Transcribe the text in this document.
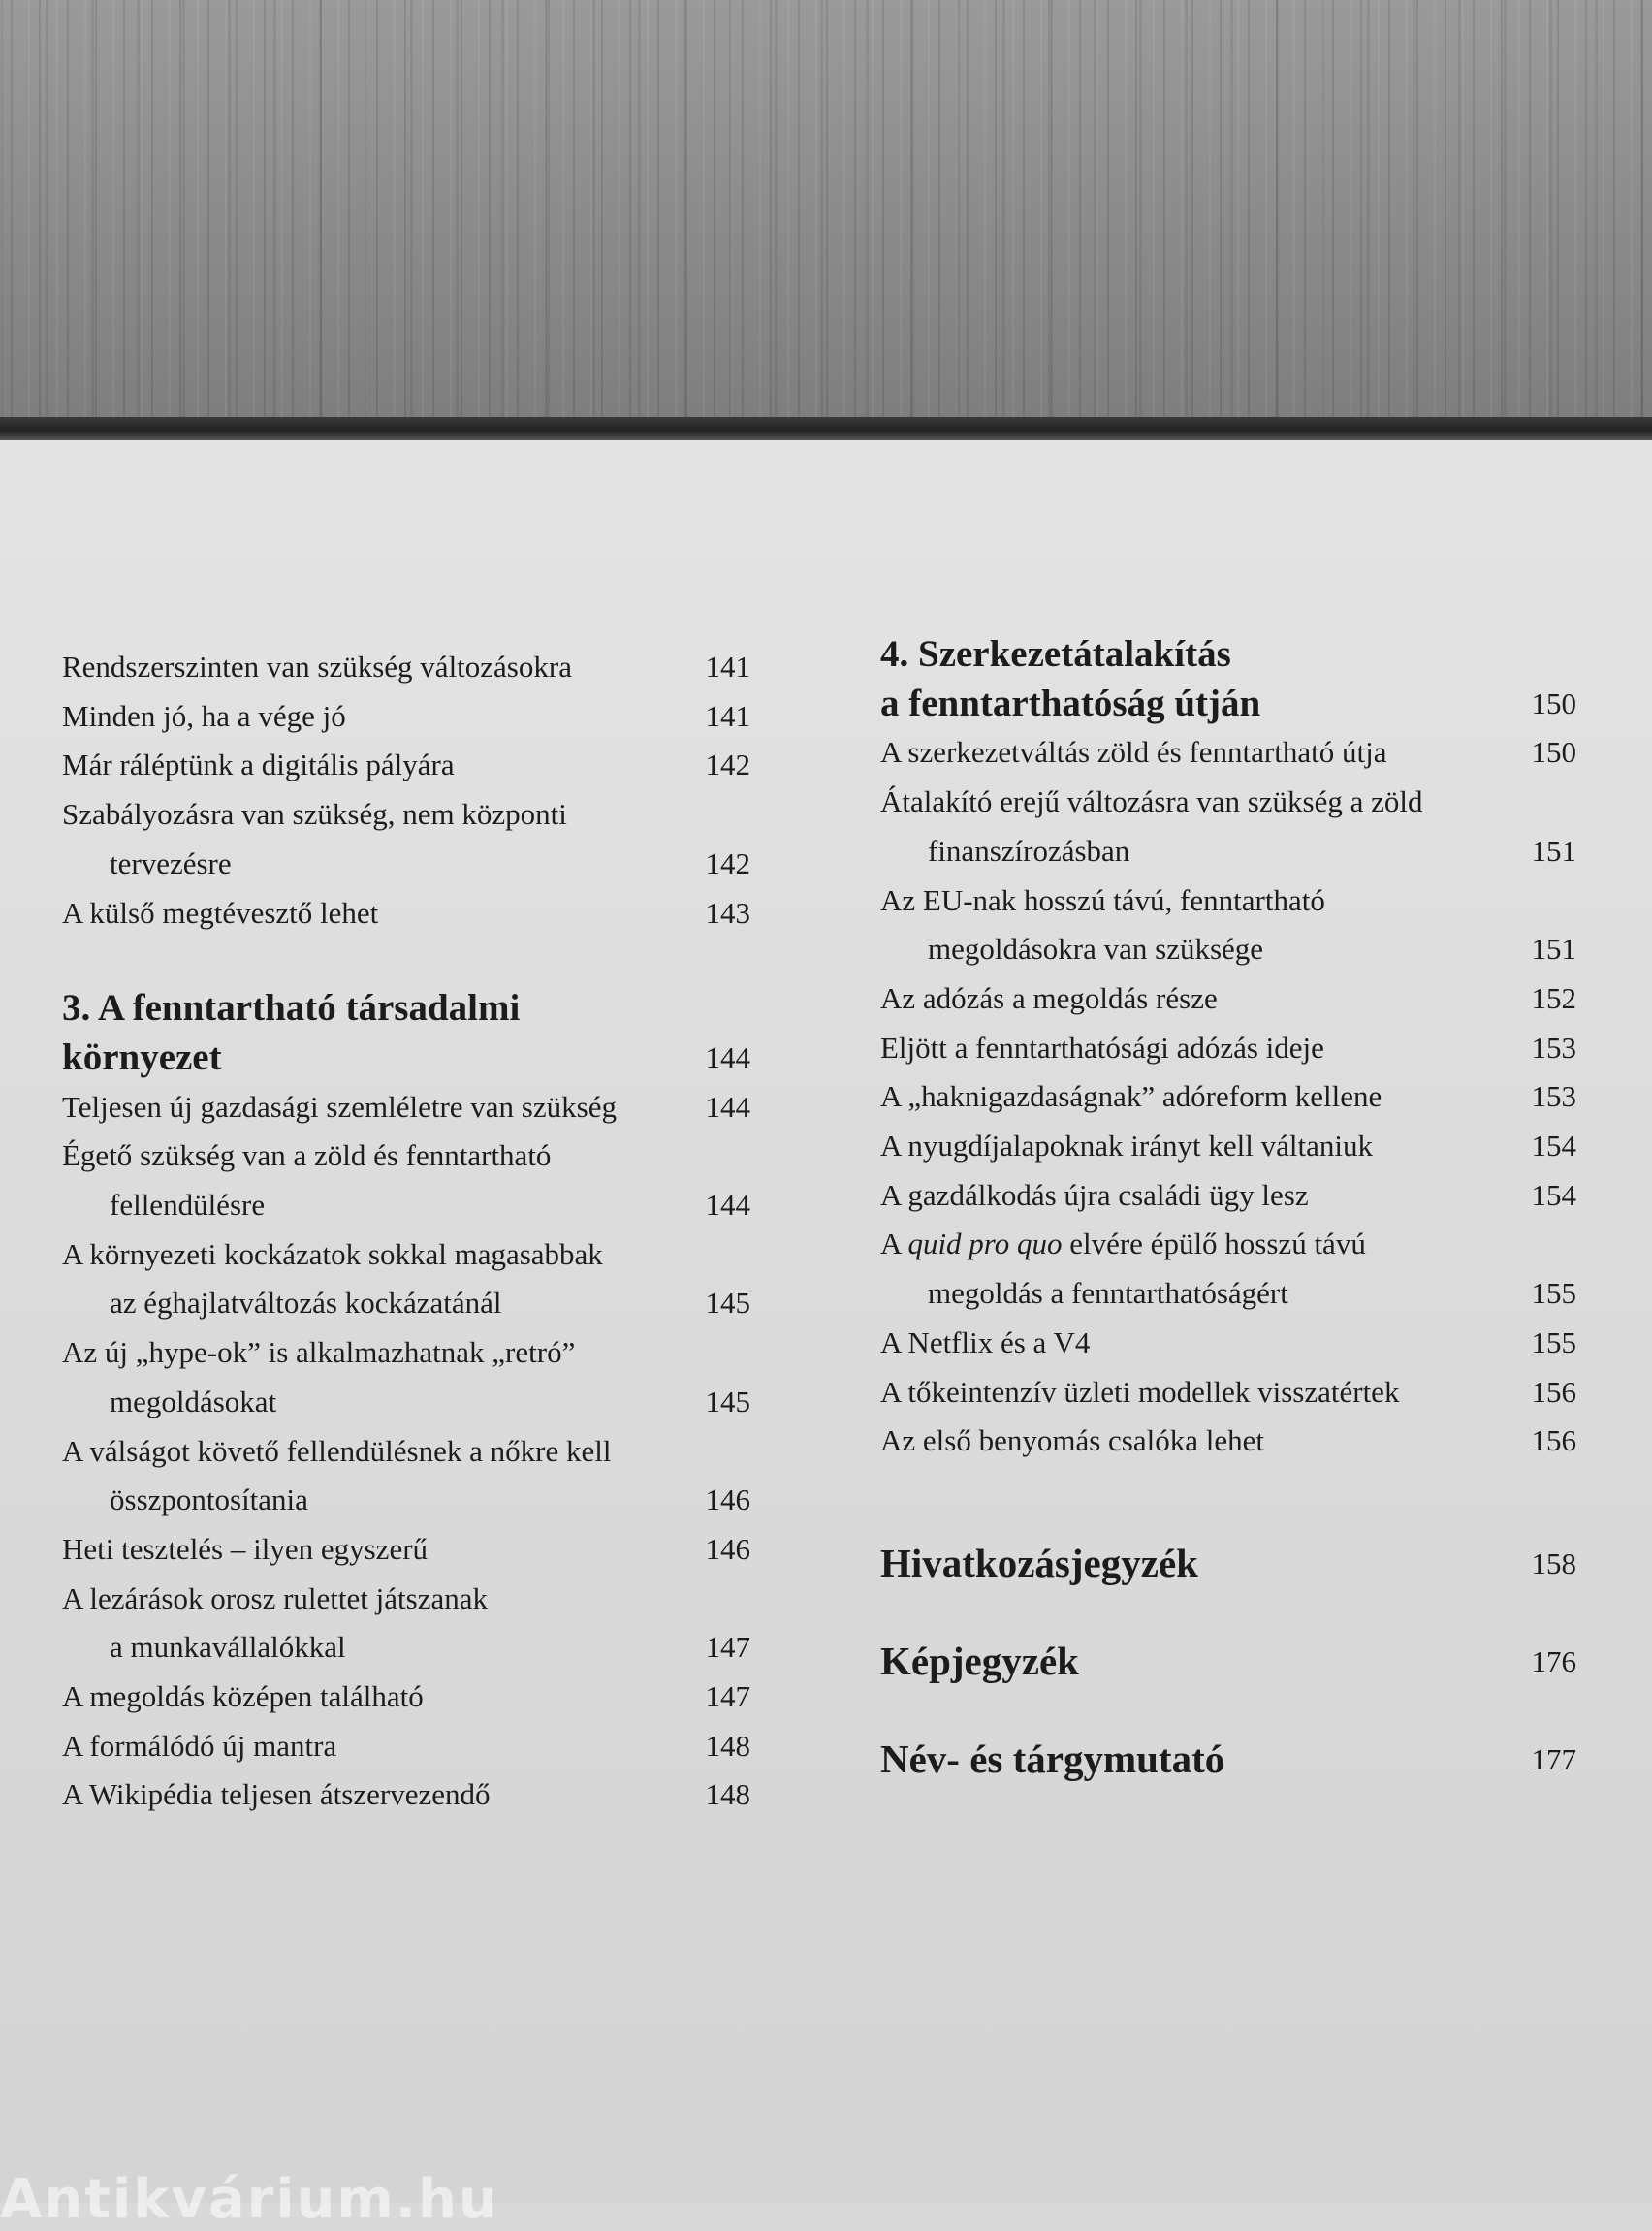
Rendszerszinten van szükség változásokra	141
Minden jó, ha a vége jó	141
Már ráléptünk a digitális pályára	142
Szabályozásra van szükség, nem központi
tervezésre	142
A külső megtévesztő lehet	143
3. A fenntartható társadalmi
környezet	144
Teljesen új gazdasági szemléletre van szükség	144
Égető szükség van a zöld és fenntartható
fellendülésre	144
A környezeti kockázatok sokkal magasabbak
az éghajlatváltozás kockázatánál	145
Az új „hype-ok” is alkalmazhatnak „retró”
megoldásokat	145
A válságot követő fellendülésnek a nőkre kell
összpontosítania	146
Heti tesztelés – ilyen egyszerű	146
A lezárások orosz rulettet játszanak
a munkavállalókkal	147
A megoldás középen található	147
A formálódó új mantra	148
A Wikipédia teljesen átszervezendő	148
4. Szerkezetátalakítás
a fenntarthatóság útján	150
A szerkezetváltás zöld és fenntartható útja	150
Átalakító erejű változásra van szükség a zöld
finanszírozásban	151
Az EU-nak hosszú távú, fenntartható
megoldásokra van szüksége	151
Az adózás a megoldás része	152
Eljött a fenntarthatósági adózás ideje	153
A „haknigazdaságnak” adóreform kellene	153
A nyugdíjalapoknak irányt kell váltaniuk	154
A gazdálkodás újra családi ügy lesz	154
A quid pro quo elvére épülő hosszú távú
megoldás a fenntarthatóságért	155
A Netflix és a V4	155
A tőkeintenzív üzleti modellek visszatértek	156
Az első benyomás csalóka lehet	156
Hivatkozásjegyzék	158
Képjegyzék	176
Név- és tárgymutató	177
Antikvárium.hu
